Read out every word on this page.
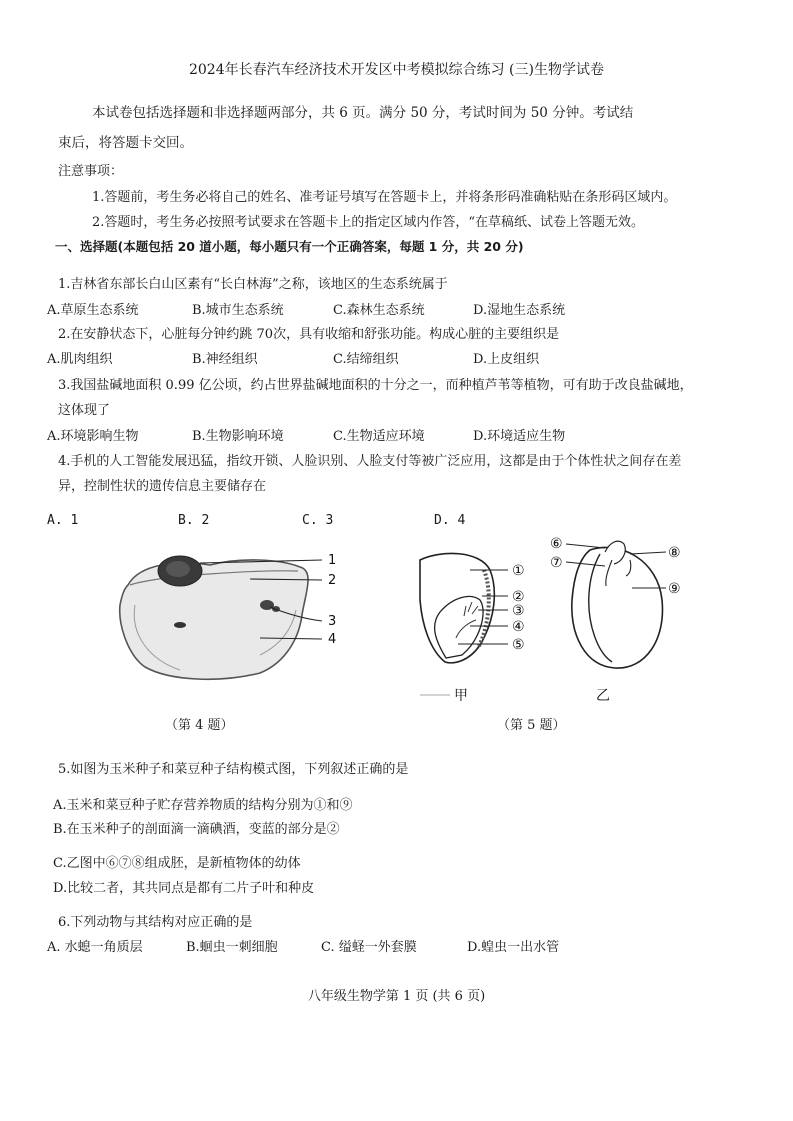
2024年长春汽车经济技术开发区中考模拟综合练习 (三)生物学试卷
本试卷包括选择题和非选择题两部分，共 6 页。满分 50 分，考试时间为 50 分钟。考试结
束后，将答题卡交回。
注意事项：
1.答题前，考生务必将自己的姓名、准考证号填写在答题卡上，并将条形码准确粘贴在条形码区域内。
2.答题时，考生务必按照考试要求在答题卡上的指定区域内作答，“在草稿纸、试卷上答题无效。
一、选择题(本题包括 20 道小题，每小题只有一个正确答案，每题 1 分，共 20 分)
1.吉林省东部长白山区素有“长白林海”之称，该地区的生态系统属于
A.草原生态系统	B.城市生态系统	C.森林生态系统	D.湿地生态系统
2.在安静状态下，心脏每分钟约跳 70次，具有收缩和舒张功能。构成心脏的主要组织是
A.肌肉组织	B.神经组织	C.结缔组织	D.上皮组织
3.我国盐碱地面积 0.99 亿公顷，约占世界盐碱地面积的十分之一，而种植芦苇等植物，可有助于改良盐碱地，
这体现了
A.环境影响生物	B.生物影响环境	C.生物适应环境	D.环境适应生物
4.手机的人工智能发展迅猛，指纹开锁、人脸识别、人脸支付等被广泛应用，这都是由于个体性状之间存在差
异，控制性状的遗传信息主要储存在
A. 1	B. 2	C. 3	D. 4
1
2
3
4
（第 4 题）
①
②
③
④
⑤
甲
⑥
⑦
⑧
⑨
乙
（第 5 题）
5.如图为玉米种子和菜豆种子结构模式图，下列叙述正确的是
A.玉米和菜豆种子贮存营养物质的结构分别为①和⑨
B.在玉米种子的剖面滴一滴碘酒，变蓝的部分是②
C.乙图中⑥⑦⑧组成胚，是新植物体的幼体
D.比较二者，其共同点是都有二片子叶和种皮
6.下列动物与其结构对应正确的是
A. 水螅一角质层	B.蛔虫一刺细胞	C. 缢蛏一外套膜	D.蝗虫一出水管
八年级生物学第 1 页 (共 6 页)
